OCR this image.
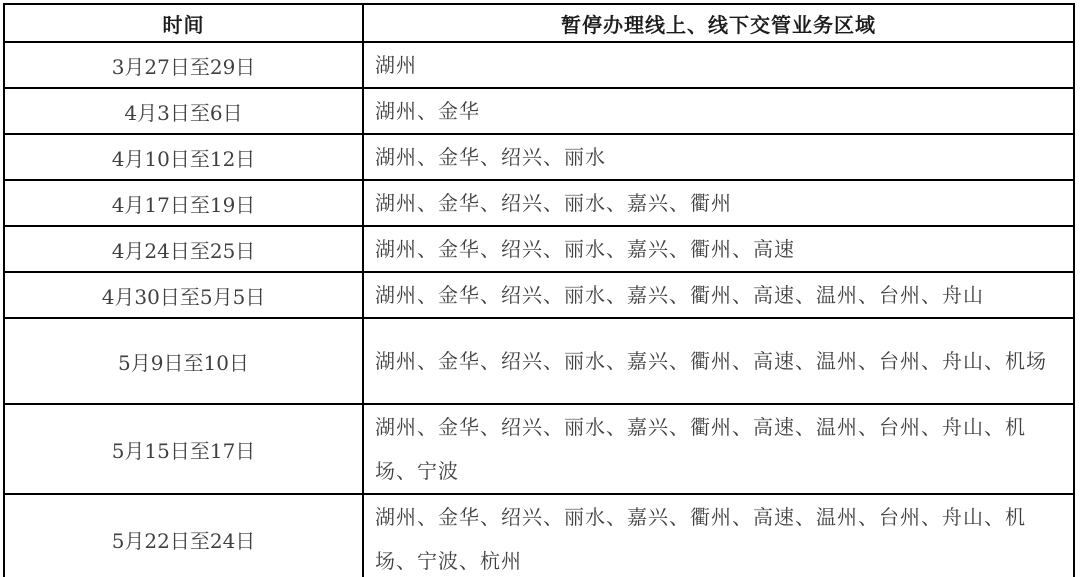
时间	暂停办理线上、线下交管业务区域
3月27日至29日	湖州
4月3日至6日	湖州、金华
4月10日至12日	湖州、金华、绍兴、丽水
4月17日至19日	湖州、金华、绍兴、丽水、嘉兴、衢州
4月24日至25日	湖州、金华、绍兴、丽水、嘉兴、衢州、高速
4月30日至5月5日	湖州、金华、绍兴、丽水、嘉兴、衢州、高速、温州、台州、舟山
5月9日至10日	湖州、金华、绍兴、丽水、嘉兴、衢州、高速、温州、台州、舟山、机场
5月15日至17日	湖州、金华、绍兴、丽水、嘉兴、衢州、高速、温州、台州、舟山、机场、宁波
5月22日至24日	湖州、金华、绍兴、丽水、嘉兴、衢州、高速、温州、台州、舟山、机场、宁波、杭州
